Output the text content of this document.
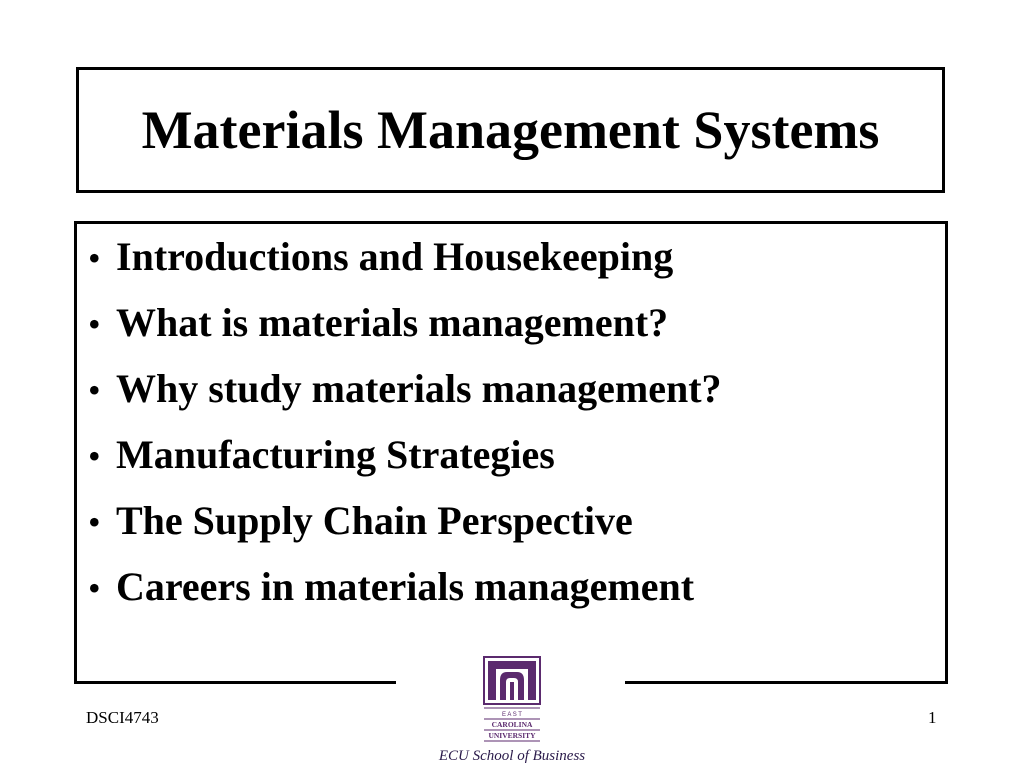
Materials Management Systems
• Introductions and Housekeeping
• What is materials management?
• Why study materials management?
• Manufacturing Strategies
• The Supply Chain Perspective
• Careers in materials management
E A S T
CAROLINA
UNIVERSITY
ECU School of Business
DSCI4743	1
